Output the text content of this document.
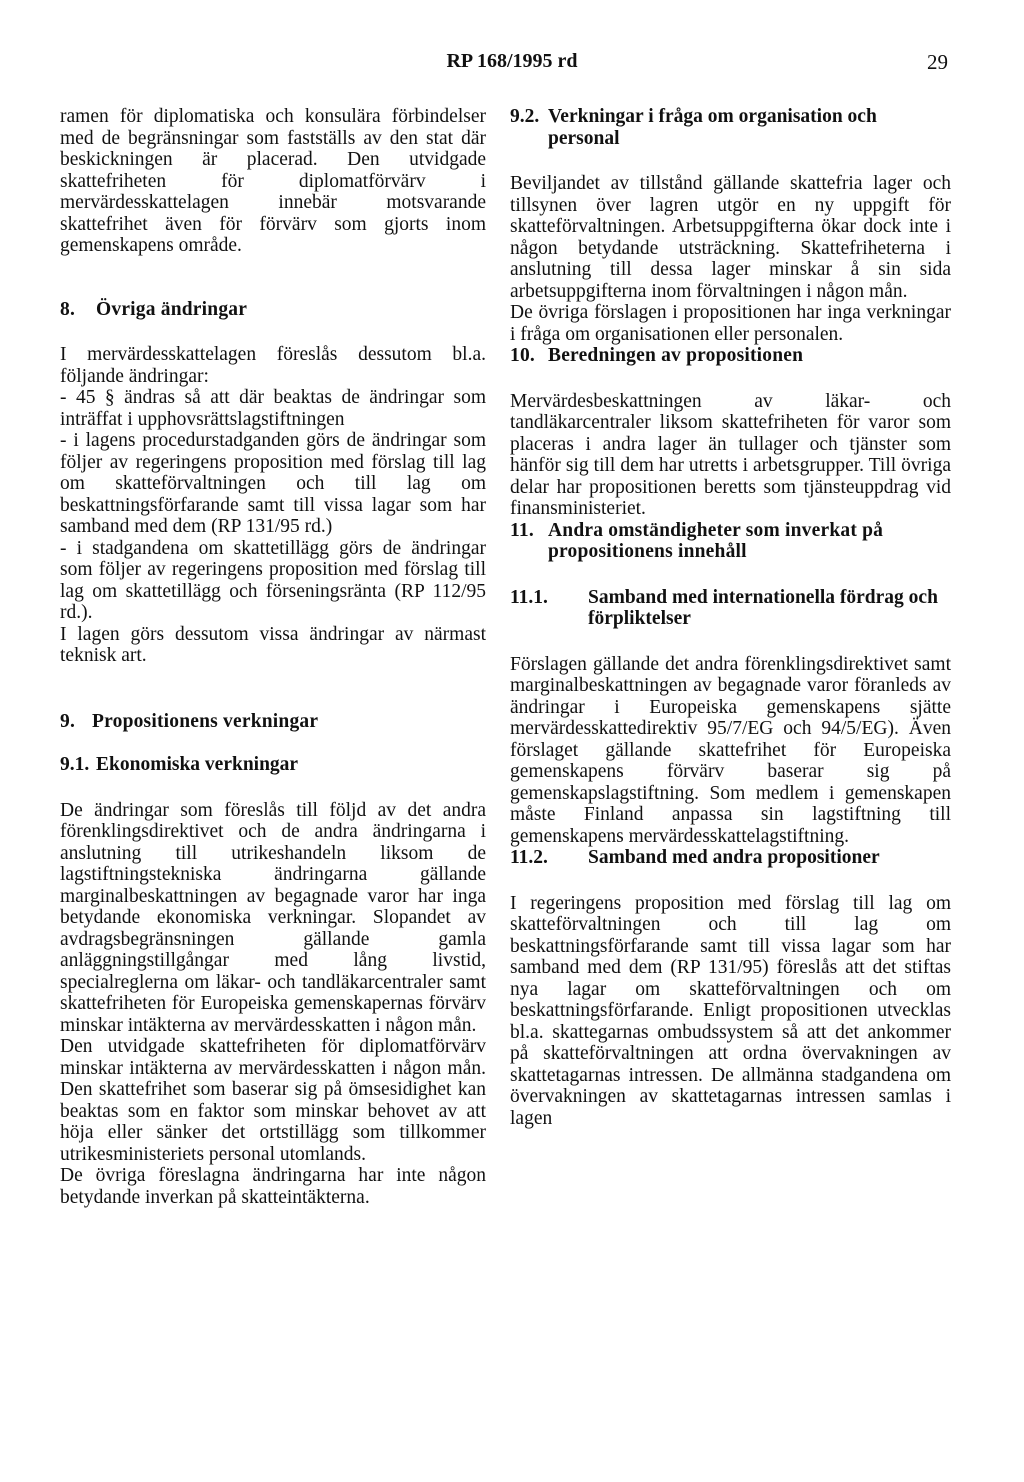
RP 168/1995 rd	29

ramen för diplomatiska och konsulära förbindelser med de begränsningar som fastställs av den stat där beskickningen är placerad. Den utvidgade skattefriheten för diplomatförvärv i mervärdesskattelagen innebär motsvarande skattefrihet även för förvärv som gjorts inom gemenskapens område.

8.	Övriga ändringar

I mervärdesskattelagen föreslås dessutom bl.a. följande ändringar:

- 45 § ändras så att där beaktas de ändringar som inträffat i upphovsrättslagstiftningen

- i lagens procedurstadganden görs de ändringar som följer av regeringens proposition med förslag till lag om skatteförvaltningen och till lag om beskattningsförfarande samt till vissa lagar som har samband med dem (RP 131/95 rd.)

- i stadgandena om skattetillägg görs de ändringar som följer av regeringens proposition med förslag till lag om skattetillägg och förseningsränta (RP 112/95 rd.).

I lagen görs dessutom vissa ändringar av närmast teknisk art.

9. Propositionens verkningar
9.1. Ekonomiska verkningar

De ändringar som föreslås till följd av det andra förenklingsdirektivet och de andra ändringarna i anslutning till utrikeshandeln liksom de lagstiftningstekniska ändringarna gällande marginalbeskattningen av begagnade varor har inga betydande ekonomiska verkningar. Slopandet av avdragsbegränsningen gällande gamla anläggningstillgångar med lång livstid, specialreglerna om läkar- och tandläkarcentraler samt skattefriheten för Europeiska gemenskapernas förvärv minskar intäkterna av mervärdesskatten i någon mån.

Den utvidgade skattefriheten för diplomatförvärv minskar intäkterna av mervärdesskatten i någon mån. Den skattefrihet som baserar sig på ömsesidighet kan beaktas som en faktor som minskar behovet av att höja eller sänker det ortstillägg som tillkommer utrikesministeriets personal utomlands.

De övriga föreslagna ändringarna har inte någon betydande inverkan på skatteintäkterna.

9.2. Verkningar i fråga om organisation och personal

Beviljandet av tillstånd gällande skattefria lager och tillsynen över lagren utgör en ny uppgift för skatteförvaltningen. Arbetsuppgifterna ökar dock inte i någon betydande utsträckning. Skattefriheterna i anslutning till dessa lager minskar å sin sida arbetsuppgifterna inom förvaltningen i någon mån.

De övriga förslagen i propositionen har inga verkningar i fråga om organisationen eller personalen.

10. Beredningen av propositionen

Mervärdesbeskattningen av läkar- och tandläkarcentraler liksom skattefriheten för varor som placeras i andra lager än tullager och tjänster som hänför sig till dem har utretts i arbetsgrupper. Till övriga delar har propositionen beretts som tjänsteuppdrag vid finansministeriet.

11. Andra omständigheter som inverkat på propositionens innehåll
11.1.	Samband med internationella fördrag och förpliktelser

Förslagen gällande det andra förenklingsdirektivet samt marginalbeskattningen av begagnade varor föranleds av ändringar i Europeiska gemenskapens sjätte mervärdesskattedirektiv 95/7/EG och 94/5/EG). Även förslaget gällande skattefrihet för Europeiska gemenskapens förvärv baserar sig på gemenskapslagstiftning. Som medlem i gemenskapen måste Finland anpassa sin lagstiftning till gemenskapens mervärdesskattelagstiftning.

11.2.	Samband med andra propositioner

I regeringens proposition med förslag till lag om skatteförvaltningen och till lag om beskattningsförfarande samt till vissa lagar som har samband med dem (RP 131/95) föreslås att det stiftas nya lagar om skatteförvaltningen och om beskattningsförfarande. Enligt propositionen utvecklas bl.a. skattegarnas ombudssystem så att det ankommer på skatteförvaltningen att ordna övervakningen av skattetagarnas intressen. De allmänna stadgandena om övervakningen av skattetagarnas intressen samlas i lagen
